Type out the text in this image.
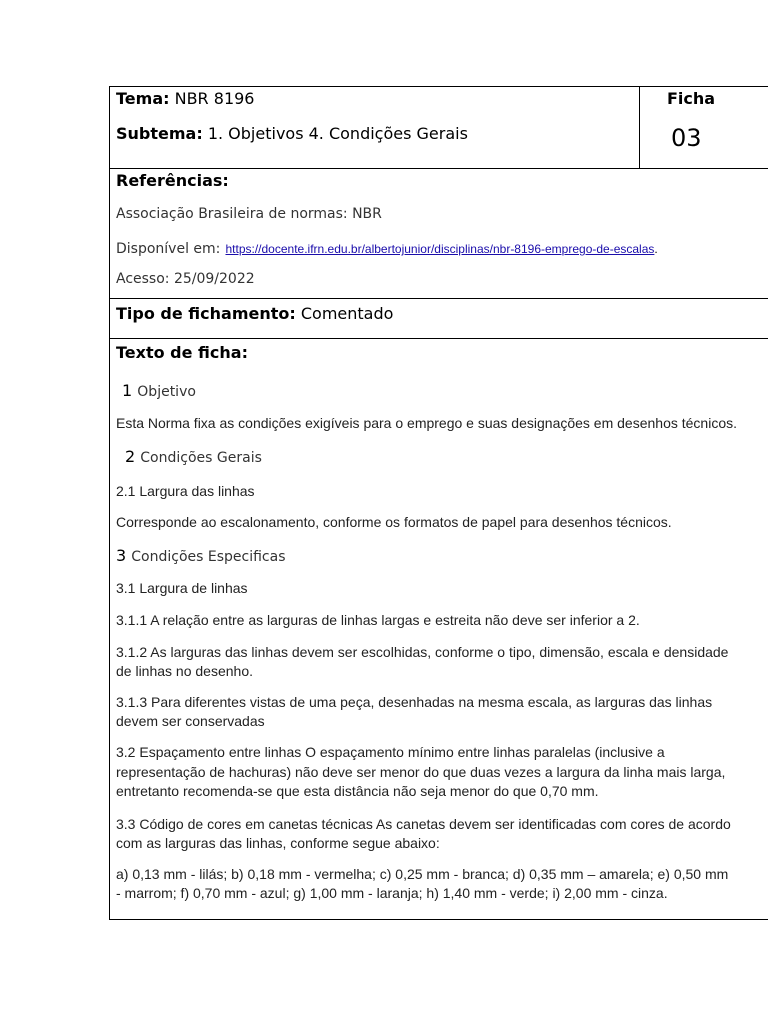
Tema: NBR 8196
Subtema: 1. Objetivos 4. Condições Gerais
Ficha
03
Referências:
Associação Brasileira de normas: NBR
Disponível em: https://docente.ifrn.edu.br/albertojunior/disciplinas/nbr-8196-emprego-de-escalas.
Acesso: 25/09/2022
Tipo de fichamento: Comentado
Texto de ficha:
1 Objetivo
Esta Norma fixa as condições exigíveis para o emprego e suas designações em desenhos técnicos.
2 Condições Gerais
2.1 Largura das linhas
Corresponde ao escalonamento, conforme os formatos de papel para desenhos técnicos.
3 Condições Especificas
3.1 Largura de linhas
3.1.1 A relação entre as larguras de linhas largas e estreita não deve ser inferior a 2.
3.1.2 As larguras das linhas devem ser escolhidas, conforme o tipo, dimensão, escala e densidade
de linhas no desenho.
3.1.3 Para diferentes vistas de uma peça, desenhadas na mesma escala, as larguras das linhas
devem ser conservadas
3.2 Espaçamento entre linhas O espaçamento mínimo entre linhas paralelas (inclusive a
representação de hachuras) não deve ser menor do que duas vezes a largura da linha mais larga,
entretanto recomenda-se que esta distância não seja menor do que 0,70 mm.
3.3 Código de cores em canetas técnicas As canetas devem ser identificadas com cores de acordo
com as larguras das linhas, conforme segue abaixo:
a) 0,13 mm - lilás; b) 0,18 mm - vermelha; c) 0,25 mm - branca; d) 0,35 mm – amarela; e) 0,50 mm
- marrom; f) 0,70 mm - azul; g) 1,00 mm - laranja; h) 1,40 mm - verde; i) 2,00 mm - cinza.
